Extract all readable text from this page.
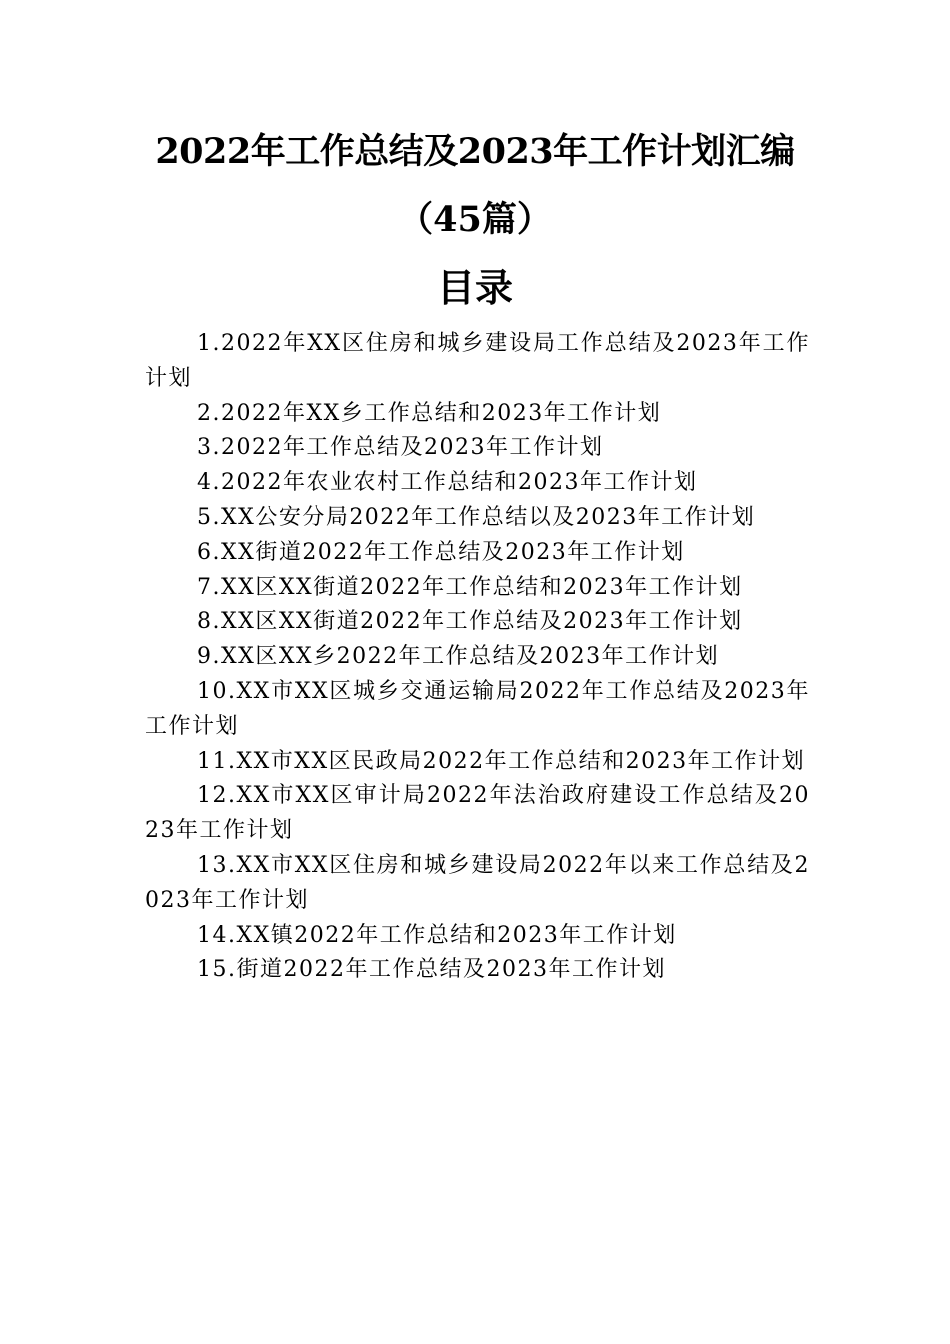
2022年工作总结及2023年工作计划汇编
（45篇）
目录
1.2022年XX区住房和城乡建设局工作总结及2023年工作计划
2.2022年XX乡工作总结和2023年工作计划
3.2022年工作总结及2023年工作计划
4.2022年农业农村工作总结和2023年工作计划
5.XX公安分局2022年工作总结以及2023年工作计划
6.XX街道2022年工作总结及2023年工作计划
7.XX区XX街道2022年工作总结和2023年工作计划
8.XX区XX街道2022年工作总结及2023年工作计划
9.XX区XX乡2022年工作总结及2023年工作计划
10.XX市XX区城乡交通运输局2022年工作总结及2023年工作计划
11.XX市XX区民政局2022年工作总结和2023年工作计划
12.XX市XX区审计局2022年法治政府建设工作总结及2023年工作计划
13.XX市XX区住房和城乡建设局2022年以来工作总结及2023年工作计划
14.XX镇2022年工作总结和2023年工作计划
15.街道2022年工作总结及2023年工作计划
